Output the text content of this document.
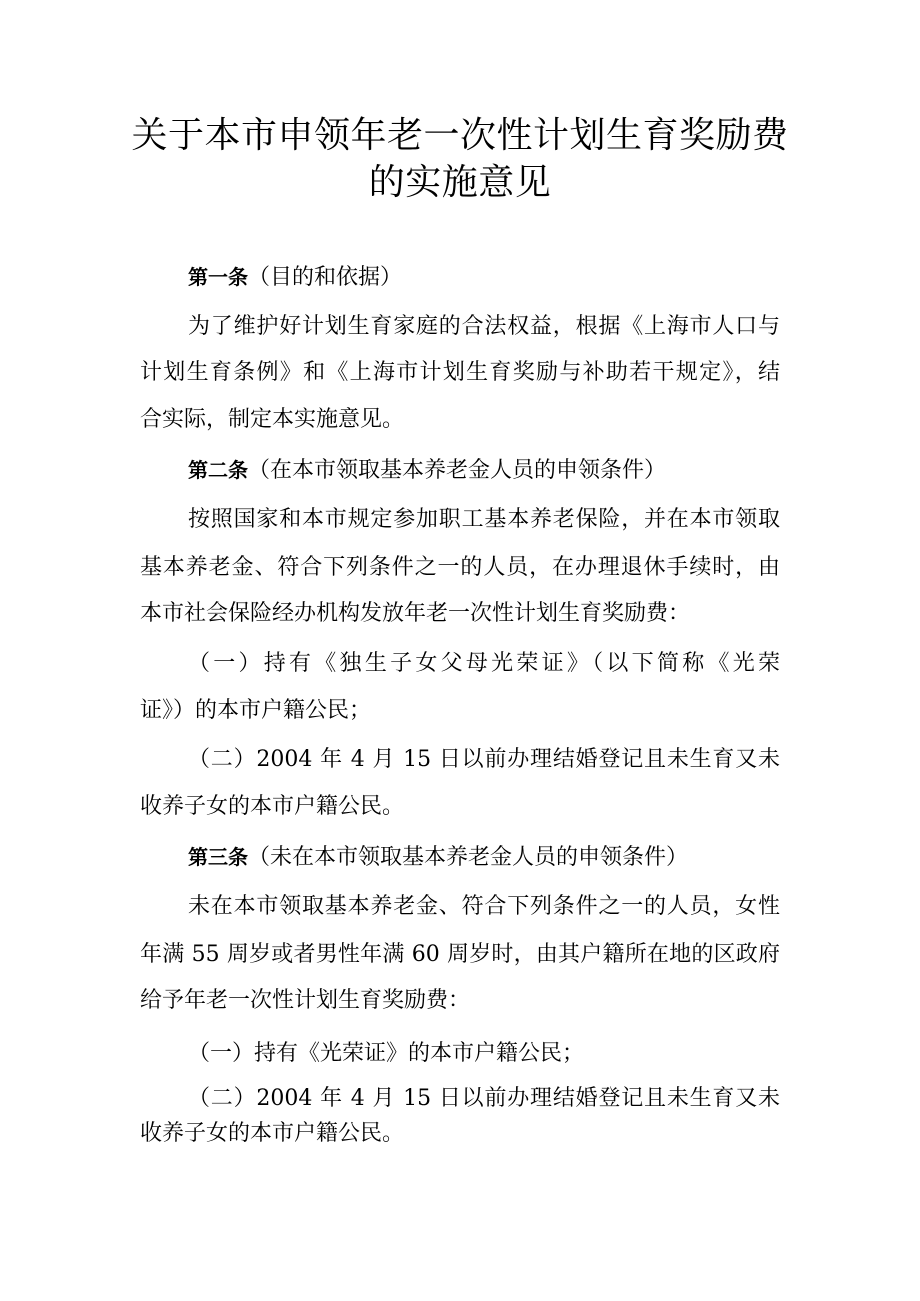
关于本市申领年老一次性计划生育奖励费
的实施意见
第一条（目的和依据）
为了维护好计划生育家庭的合法权益，根据《上海市人口与
计划生育条例》和《上海市计划生育奖励与补助若干规定》，结
合实际，制定本实施意见。
第二条（在本市领取基本养老金人员的申领条件）
按照国家和本市规定参加职工基本养老保险，并在本市领取
基本养老金、符合下列条件之一的人员，在办理退休手续时，由
本市社会保险经办机构发放年老一次性计划生育奖励费：
（一）持有《独生子女父母光荣证》（以下简称《光荣
证》）的本市户籍公民；
（二）2004 年 4 月 15 日以前办理结婚登记且未生育又未
收养子女的本市户籍公民。
第三条（未在本市领取基本养老金人员的申领条件）
未在本市领取基本养老金、符合下列条件之一的人员，女性
年满 55 周岁或者男性年满 60 周岁时，由其户籍所在地的区政府
给予年老一次性计划生育奖励费：
（一）持有《光荣证》的本市户籍公民；
（二）2004 年 4 月 15 日以前办理结婚登记且未生育又未
收养子女的本市户籍公民。
